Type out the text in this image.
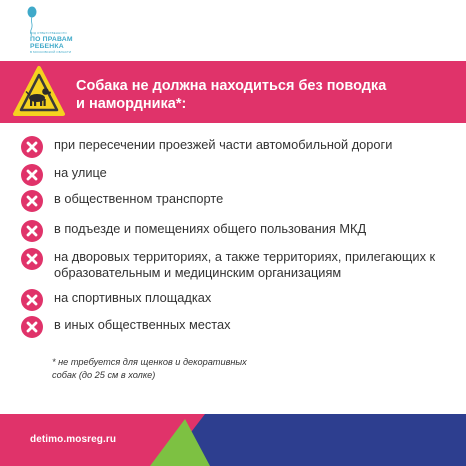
ГОД ОТВЕТСТВЕННОГО
ПО ПРАВАМ
РЕБЕНКА
В МОСКОВСКОЙ ОБЛАСТИ
Собака не должна находиться без поводка
и намордника*:
при пересечении проезжей части автомобильной дороги
на улице
в общественном транспорте
в подъезде и помещениях общего пользования МКД
на дворовых территориях, а также территориях, прилегающих к образовательным и медицинским организациям
на спортивных площадках
в иных общественных местах
* не требуется для щенков и декоративных
собак (до 25 см в холке)
detimo.mosreg.ru
